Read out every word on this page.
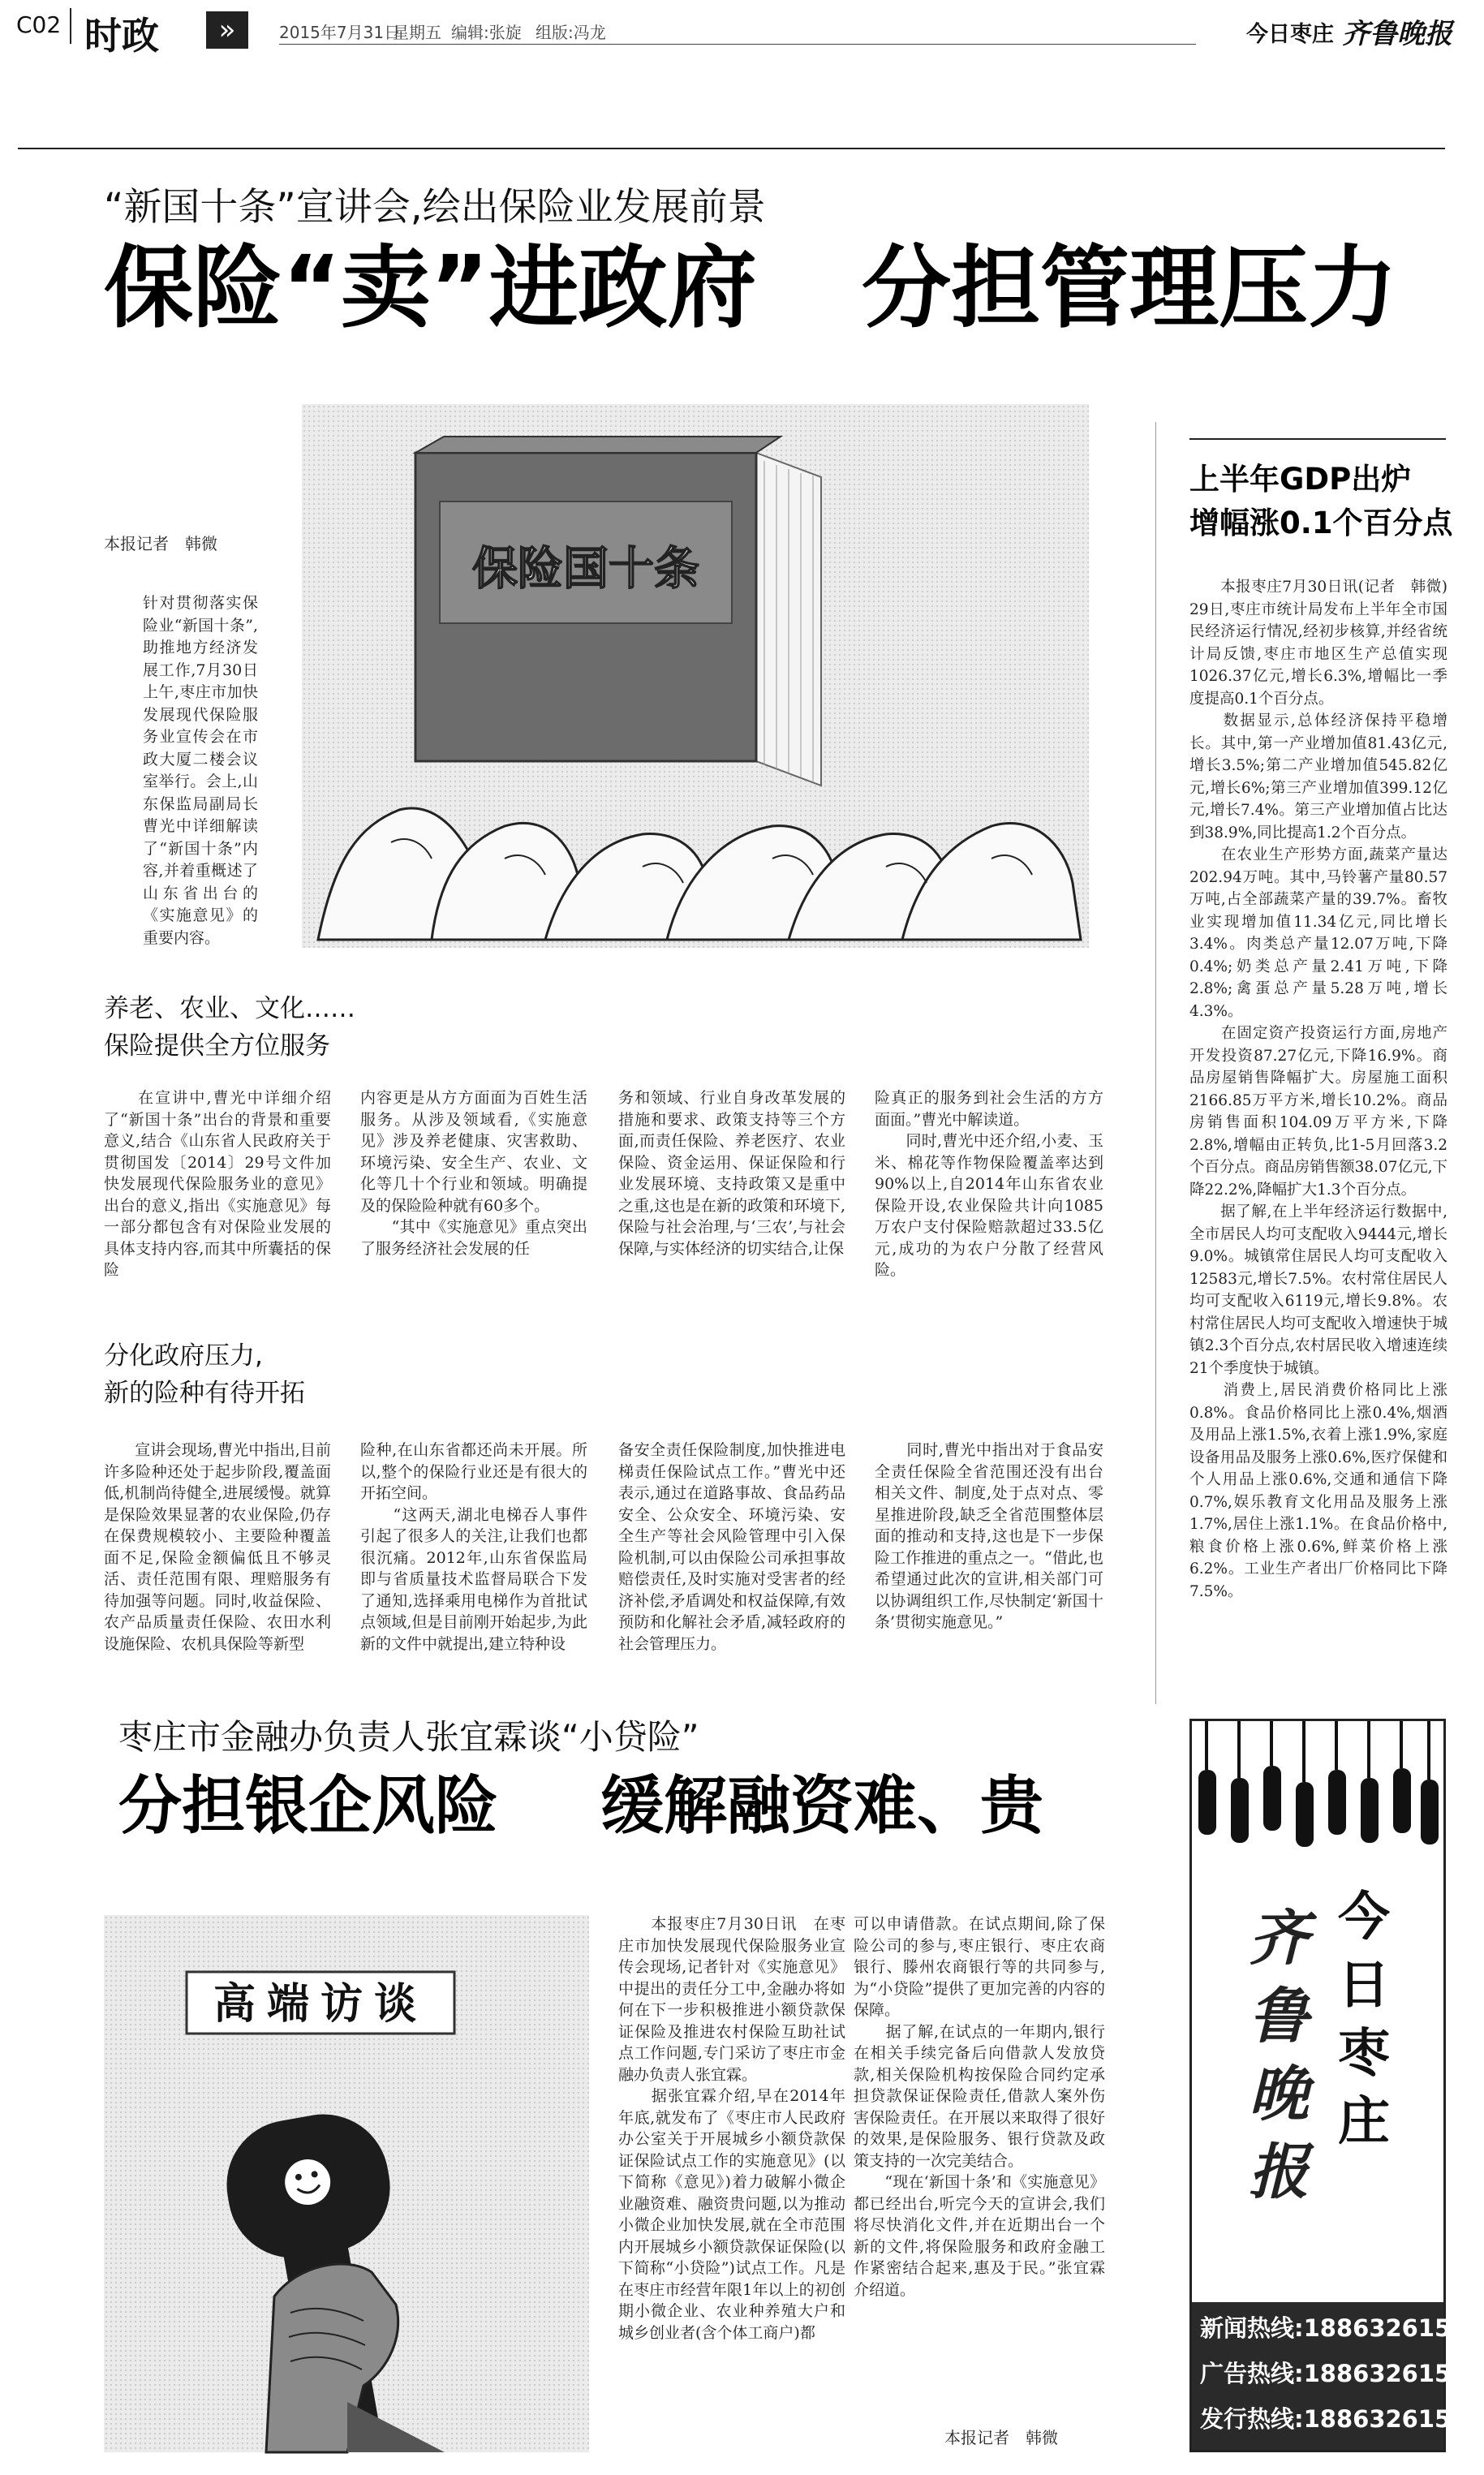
C02 时政	»	2015年7月31日
星期五 编辑:张旋 组版:冯龙	今日枣庄 齐鲁晚报
“新国十条”宣讲会,绘出保险业发展前景
保险“卖”进政府 分担管理压力
保险国十条
本报记者　韩微
针对贯彻落实保险业“新国十条”,助推地方经济发展工作,7月30日上午,枣庄市加快发展现代保险服务业宣传会在市政大厦二楼会议室举行。会上,山东保监局副局长曹光中详细解读了“新国十条”内容,并着重概述了山东省出台的《实施意见》的重要内容。
养老、农业、文化……
保险提供全方位服务
　　在宣讲中,曹光中详细介绍了“新国十条”出台的背景和重要意义,结合《山东省人民政府关于贯彻国发〔2014〕29号文件加快发展现代保险服务业的意见》出台的意义,指出《实施意见》每一部分都包含有对保险业发展的具体支持内容,而其中所囊括的保险
内容更是从方方面面为百姓生活服务。从涉及领域看,《实施意见》涉及养老健康、灾害救助、环境污染、安全生产、农业、文化等几十个行业和领域。明确提及的保险险种就有60多个。
　　“其中《实施意见》重点突出了服务经济社会发展的任
务和领域、行业自身改革发展的措施和要求、政策支持等三个方面,而责任保险、养老医疗、农业保险、资金运用、保证保险和行业发展环境、支持政策又是重中之重,这也是在新的政策和环境下,保险与社会治理,与‘三农’,与社会保障,与实体经济的切实结合,让保
险真正的服务到社会生活的方方面面。”曹光中解读道。
　　同时,曹光中还介绍,小麦、玉米、棉花等作物保险覆盖率达到90%以上,自2014年山东省农业保险开设,农业保险共计向1085万农户支付保险赔款超过33.5亿元,成功的为农户分散了经营风险。
分化政府压力,
新的险种有待开拓
　　宣讲会现场,曹光中指出,目前许多险种还处于起步阶段,覆盖面低,机制尚待健全,进展缓慢。就算是保险效果显著的农业保险,仍存在保费规模较小、主要险种覆盖面不足,保险金额偏低且不够灵活、责任范围有限、理赔服务有待加强等问题。同时,收益保险、农产品质量责任保险、农田水利设施保险、农机具保险等新型
险种,在山东省都还尚未开展。所以,整个的保险行业还是有很大的开拓空间。
　　“这两天,湖北电梯吞人事件引起了很多人的关注,让我们也都很沉痛。2012年,山东省保监局即与省质量技术监督局联合下发了通知,选择乘用电梯作为首批试点领域,但是目前刚开始起步,为此新的文件中就提出,建立特种设
备安全责任保险制度,加快推进电梯责任保险试点工作。”曹光中还表示,通过在道路事故、食品药品安全、公众安全、环境污染、安全生产等社会风险管理中引入保险机制,可以由保险公司承担事故赔偿责任,及时实施对受害者的经济补偿,矛盾调处和权益保障,有效预防和化解社会矛盾,减轻政府的社会管理压力。
　　同时,曹光中指出对于食品安全责任保险全省范围还没有出台相关文件、制度,处于点对点、零星推进阶段,缺乏全省范围整体层面的推动和支持,这也是下一步保险工作推进的重点之一。“借此,也希望通过此次的宣讲,相关部门可以协调组织工作,尽快制定‘新国十条’贯彻实施意见。”
上半年GDP出炉
增幅涨0.1个百分点
　　本报枣庄7月30日讯(记者　韩微)　29日,枣庄市统计局发布上半年全市国民经济运行情况,经初步核算,并经省统计局反馈,枣庄市地区生产总值实现1026.37亿元,增长6.3%,增幅比一季度提高0.1个百分点。
　　数据显示,总体经济保持平稳增长。其中,第一产业增加值81.43亿元,增长3.5%;第二产业增加值545.82亿元,增长6%;第三产业增加值399.12亿元,增长7.4%。第三产业增加值占比达到38.9%,同比提高1.2个百分点。
　　在农业生产形势方面,蔬菜产量达202.94万吨。其中,马铃薯产量80.57万吨,占全部蔬菜产量的39.7%。畜牧业实现增加值11.34亿元,同比增长3.4%。肉类总产量12.07万吨,下降0.4%;奶类总产量2.41万吨,下降2.8%;禽蛋总产量5.28万吨,增长4.3%。
　　在固定资产投资运行方面,房地产开发投资87.27亿元,下降16.9%。商品房屋销售降幅扩大。房屋施工面积2166.85万平方米,增长10.2%。商品房销售面积104.09万平方米,下降2.8%,增幅由正转负,比1-5月回落3.2个百分点。商品房销售额38.07亿元,下降22.2%,降幅扩大1.3个百分点。
　　据了解,在上半年经济运行数据中,全市居民人均可支配收入9444元,增长9.0%。城镇常住居民人均可支配收入12583元,增长7.5%。农村常住居民人均可支配收入6119元,增长9.8%。农村常住居民人均可支配收入增速快于城镇2.3个百分点,农村居民收入增速连续21个季度快于城镇。
　　消费上,居民消费价格同比上涨0.8%。食品价格同比上涨0.4%,烟酒及用品上涨1.5%,衣着上涨1.9%,家庭设备用品及服务上涨0.6%,医疗保健和个人用品上涨0.6%,交通和通信下降0.7%,娱乐教育文化用品及服务上涨1.7%,居住上涨1.1%。在食品价格中,粮食价格上涨0.6%,鲜菜价格上涨6.2%。工业生产者出厂价格同比下降7.5%。
齐鲁晚报
今日枣庄
新闻热线:18863261518
广告热线:18863261529
发行热线:18863261506
枣庄市金融办负责人张宜霖谈“小贷险”
分担银企风险 缓解融资难、贵
高端访谈
　　本报枣庄7月30日讯　在枣庄市加快发展现代保险服务业宣传会现场,记者针对《实施意见》中提出的责任分工中,金融办将如何在下一步积极推进小额贷款保证保险及推进农村保险互助社试点工作问题,专门采访了枣庄市金融办负责人张宜霖。
　　据张宜霖介绍,早在2014年年底,就发布了《枣庄市人民政府办公室关于开展城乡小额贷款保证保险试点工作的实施意见》(以下简称《意见》)着力破解小微企业融资难、融资贵问题,以为推动小微企业加快发展,就在全市范围内开展城乡小额贷款保证保险(以下简称“小贷险”)试点工作。凡是在枣庄市经营年限1年以上的初创期小微企业、农业种养殖大户和城乡创业者(含个体工商户)都
可以申请借款。在试点期间,除了保险公司的参与,枣庄银行、枣庄农商银行、滕州农商银行等的共同参与,为“小贷险”提供了更加完善的内容的保障。
　　据了解,在试点的一年期内,银行在相关手续完备后向借款人发放贷款,相关保险机构按保险合同约定承担贷款保证保险责任,借款人案外伤害保险责任。在开展以来取得了很好的效果,是保险服务、银行贷款及政策支持的一次完美结合。
　　“现在‘新国十条’和《实施意见》都已经出台,听完今天的宣讲会,我们将尽快消化文件,并在近期出台一个新的文件,将保险服务和政府金融工作紧密结合起来,惠及于民。”张宜霖介绍道。
本报记者　韩微
